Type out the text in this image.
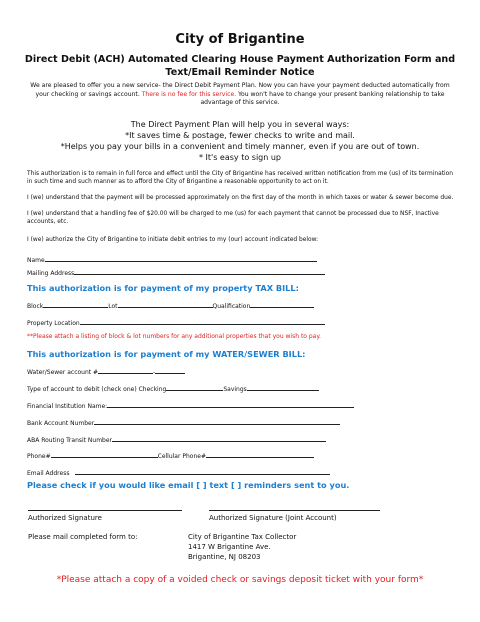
City of Brigantine
Direct Debit (ACH) Automated Clearing House Payment Authorization Form and
Text/Email Reminder Notice
We are pleased to offer you a new service- the Direct Debit Payment Plan. Now you can have your payment deducted automatically from your checking or savings account. There is no fee for this service. You won't have to change your present banking relationship to take advantage of this service.
The Direct Payment Plan will help you in several ways:
*It saves time & postage, fewer checks to write and mail.
*Helps you pay your bills in a convenient and timely manner, even if you are out of town.
* It's easy to sign up
This authorization is to remain in full force and effect until the City of Brigantine has received written notification from me (us) of its termination in such time and such manner as to afford the City of Brigantine a reasonable opportunity to act on it.
I (we) understand that the payment will be processed approximately on the first day of the month in which taxes or water & sewer become due.
I (we) understand that a handling fee of $20.00 will be charged to me (us) for each payment that cannot be processed due to NSF, Inactive accounts, etc.
I (we) authorize the City of Brigantine to initiate debit entries to my (our) account indicated below:
Name
Mailing Address
This authorization is for payment of my property TAX BILL:
Block	Lot	Qualification
Property Location
**Please attach a listing of block & lot numbers for any additional properties that you wish to pay.
This authorization is for payment of my WATER/SEWER BILL:
Water/Sewer account #	-
Type of account to debit (check one) Checking	Savings
Financial Institution Name:
Bank Account Number
ABA Routing Transit Number
Phone#	Cellular Phone#
Email Address
Please check if you would like email [ ] text [ ] reminders sent to you.
Authorized Signature	Authorized Signature (Joint Account)
Please mail completed form to:	City of Brigantine Tax Collector
1417 W Brigantine Ave.
Brigantine, NJ 08203
*Please attach a copy of a voided check or savings deposit ticket with your form*
